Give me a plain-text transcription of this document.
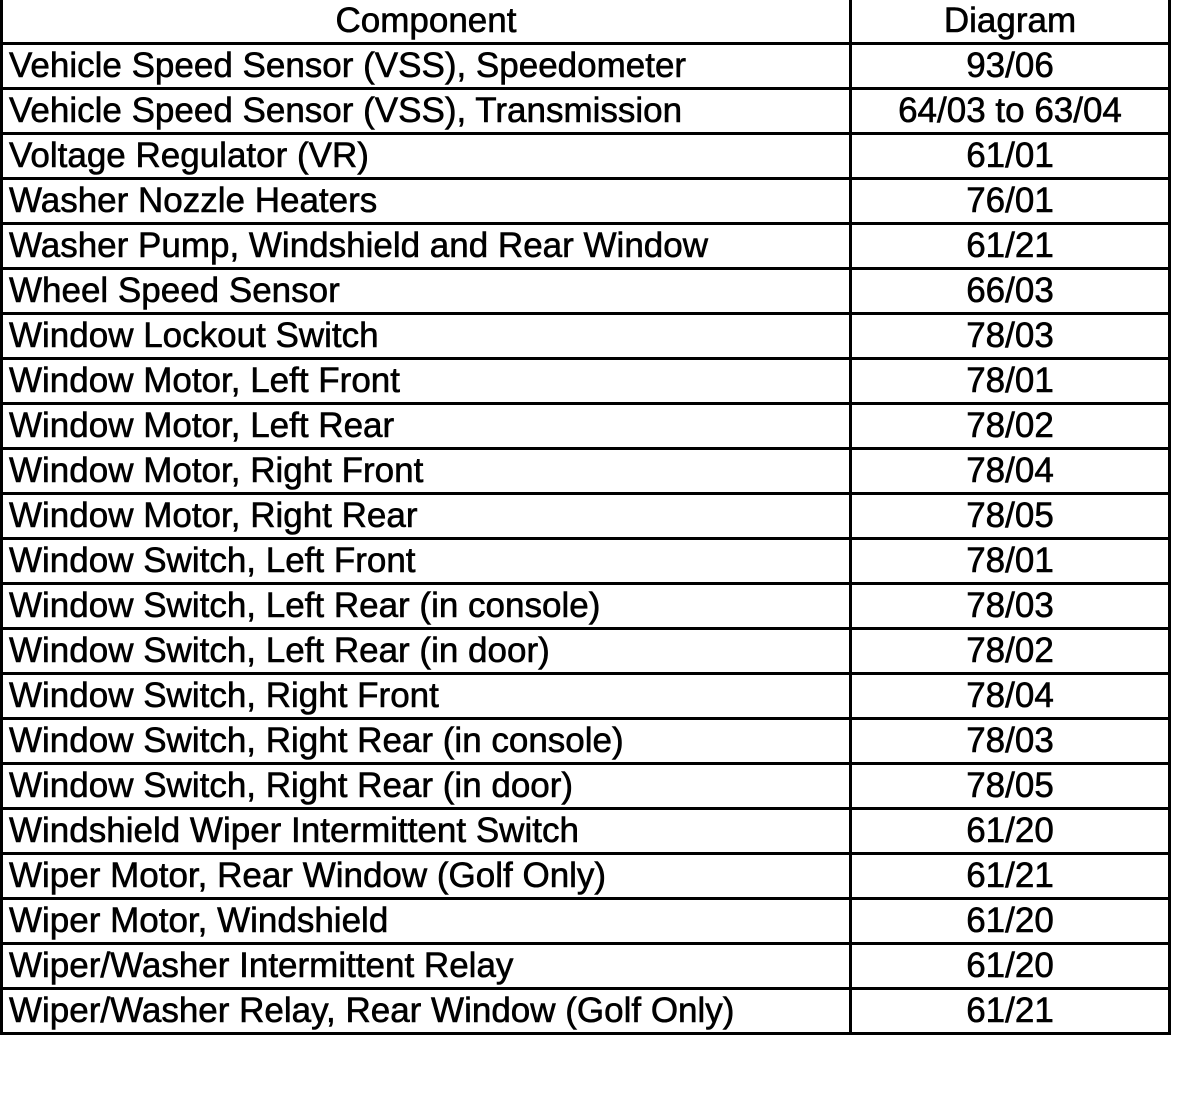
Component	Diagram
Vehicle Speed Sensor (VSS), Speedometer	93/06
Vehicle Speed Sensor (VSS), Transmission	64/03 to 63/04
Voltage Regulator (VR)	61/01
Washer Nozzle Heaters	76/01
Washer Pump, Windshield and Rear Window	61/21
Wheel Speed Sensor	66/03
Window Lockout Switch	78/03
Window Motor, Left Front	78/01
Window Motor, Left Rear	78/02
Window Motor, Right Front	78/04
Window Motor, Right Rear	78/05
Window Switch, Left Front	78/01
Window Switch, Left Rear (in console)	78/03
Window Switch, Left Rear (in door)	78/02
Window Switch, Right Front	78/04
Window Switch, Right Rear (in console)	78/03
Window Switch, Right Rear (in door)	78/05
Windshield Wiper Intermittent Switch	61/20
Wiper Motor, Rear Window (Golf Only)	61/21
Wiper Motor, Windshield	61/20
Wiper/Washer Intermittent Relay	61/20
Wiper/Washer Relay, Rear Window (Golf Only)	61/21
